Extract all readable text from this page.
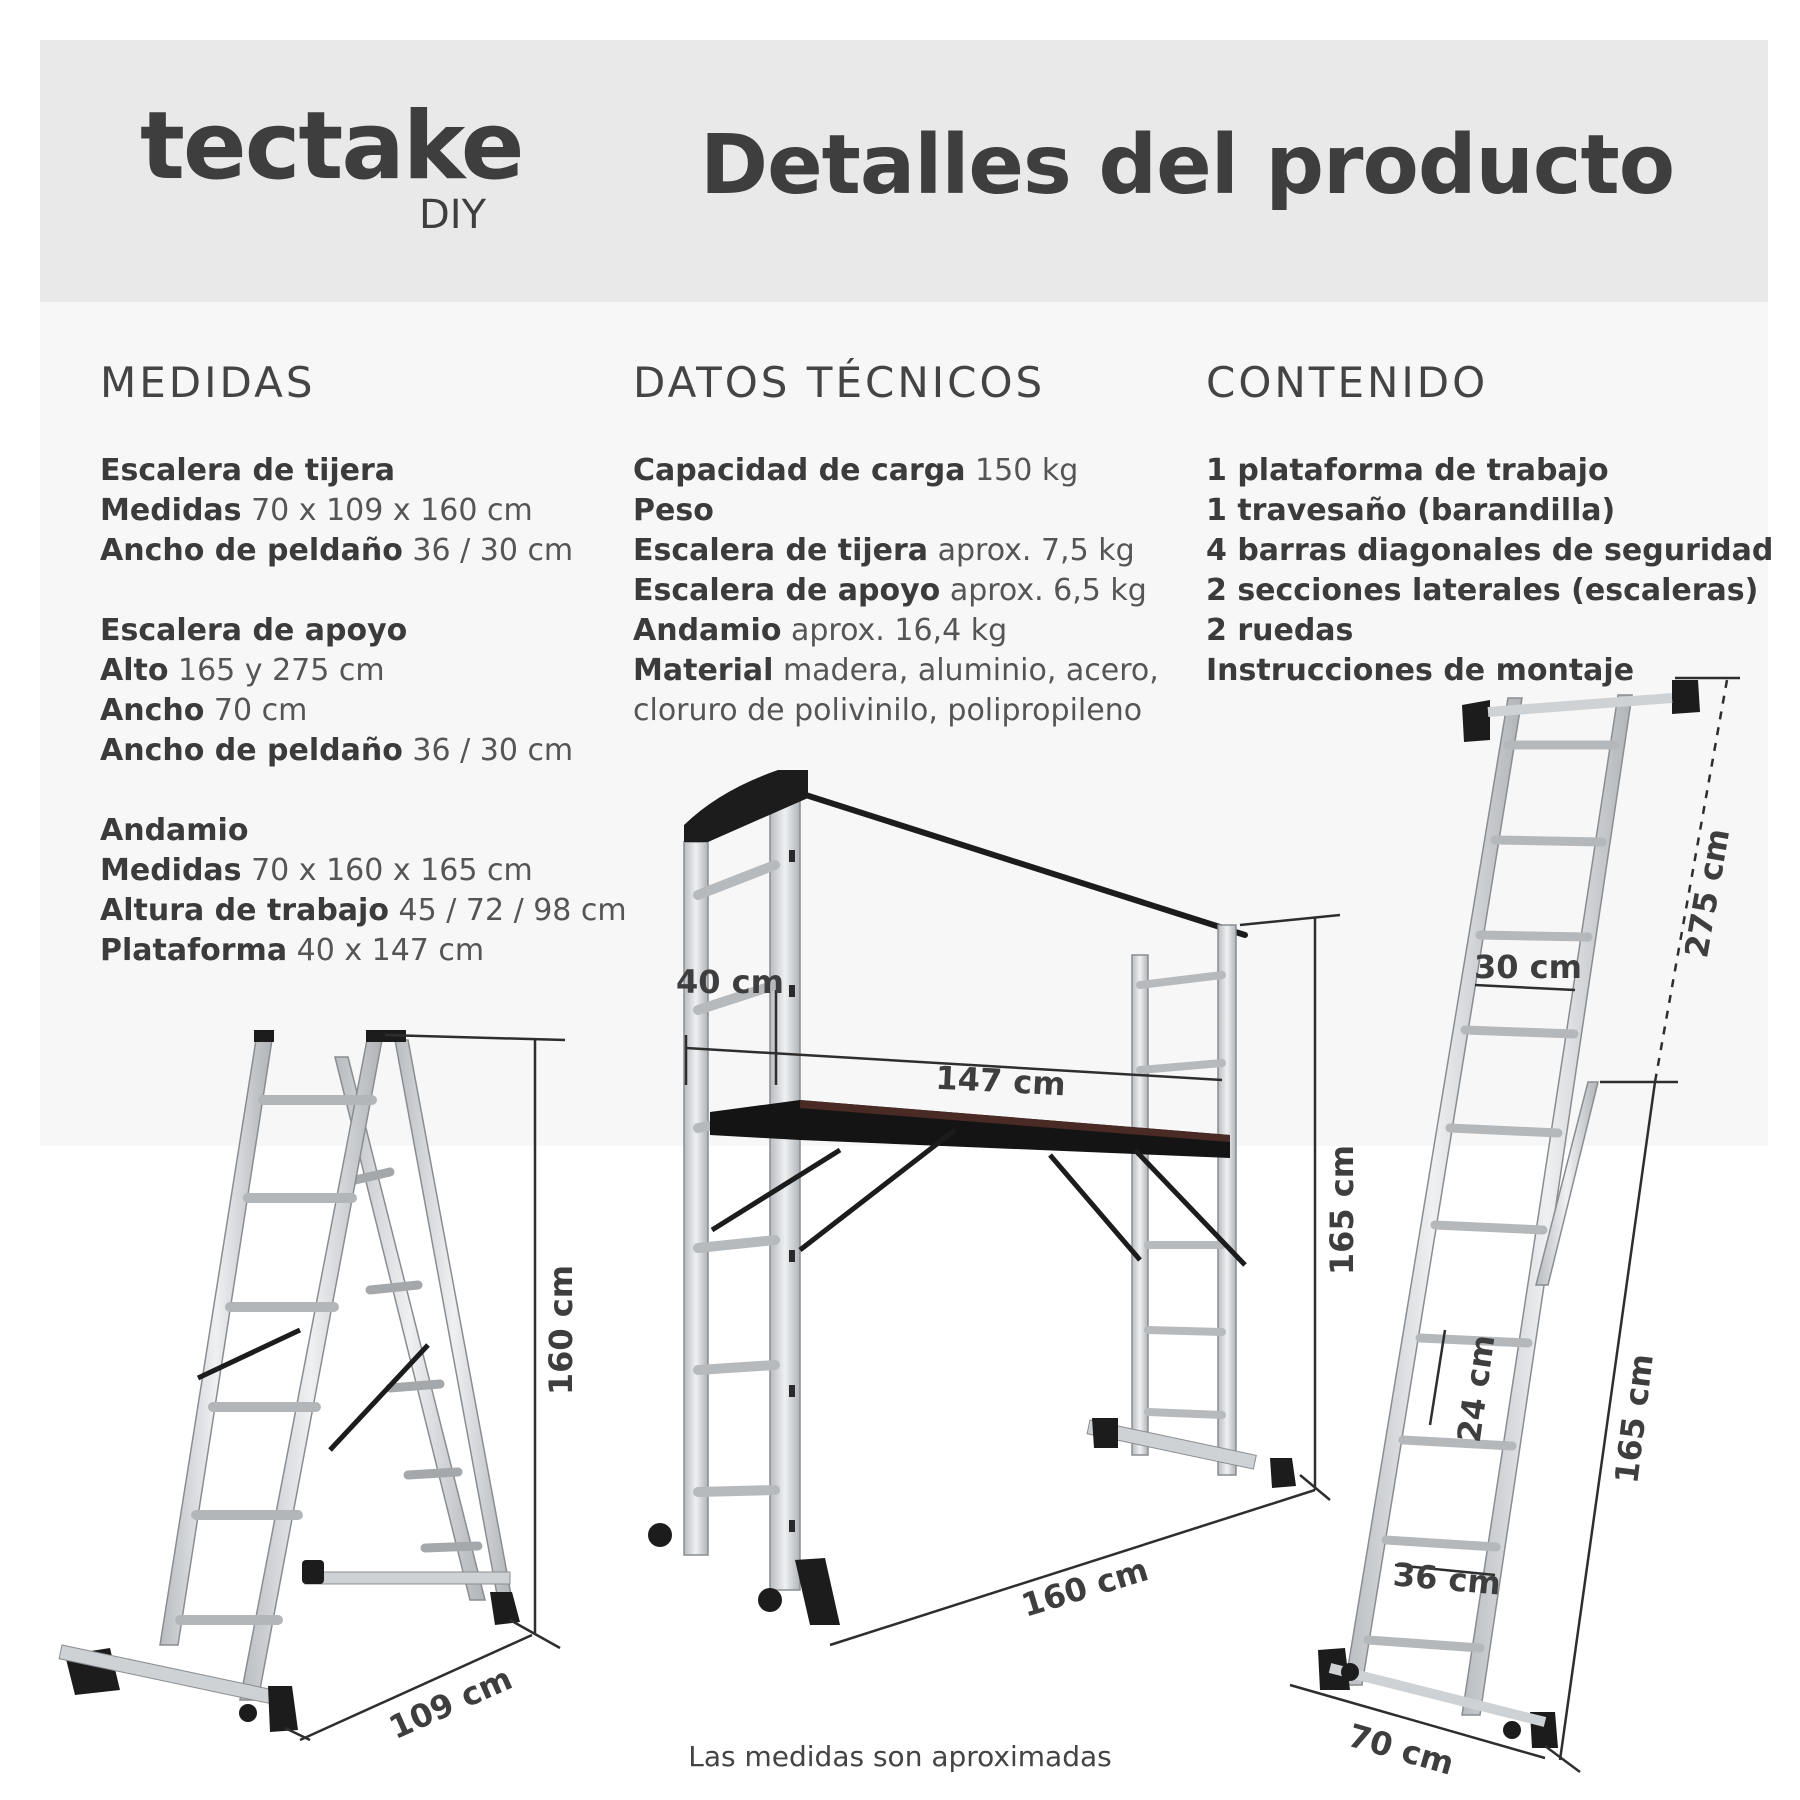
tectake
DIY
Detalles del producto
MEDIDAS
Escalera de tijera
Medidas 70 x 109 x 160 cm
Ancho de peldaño 36 / 30 cm
Escalera de apoyo
Alto 165 y 275 cm
Ancho 70 cm
Ancho de peldaño 36 / 30 cm
Andamio
Medidas 70 x 160 x 165 cm
Altura de trabajo 45 / 72 / 98 cm
Plataforma 40 x 147 cm
DATOS TÉCNICOS
Capacidad de carga 150 kg
Peso
Escalera de tijera aprox. 7,5 kg
Escalera de apoyo aprox. 6,5 kg
Andamio aprox. 16,4 kg
Material madera, aluminio, acero,
cloruro de polivinilo, polipropileno
CONTENIDO
1 plataforma de trabajo
1 travesaño (barandilla)
4 barras diagonales de seguridad
2 secciones laterales (escaleras)
2 ruedas
Instrucciones de montaje
160 cm
109 cm
40 cm
147 cm
165 cm
160 cm
275 cm
30 cm
24 cm
36 cm
165 cm
70 cm
Las medidas son aproximadas
